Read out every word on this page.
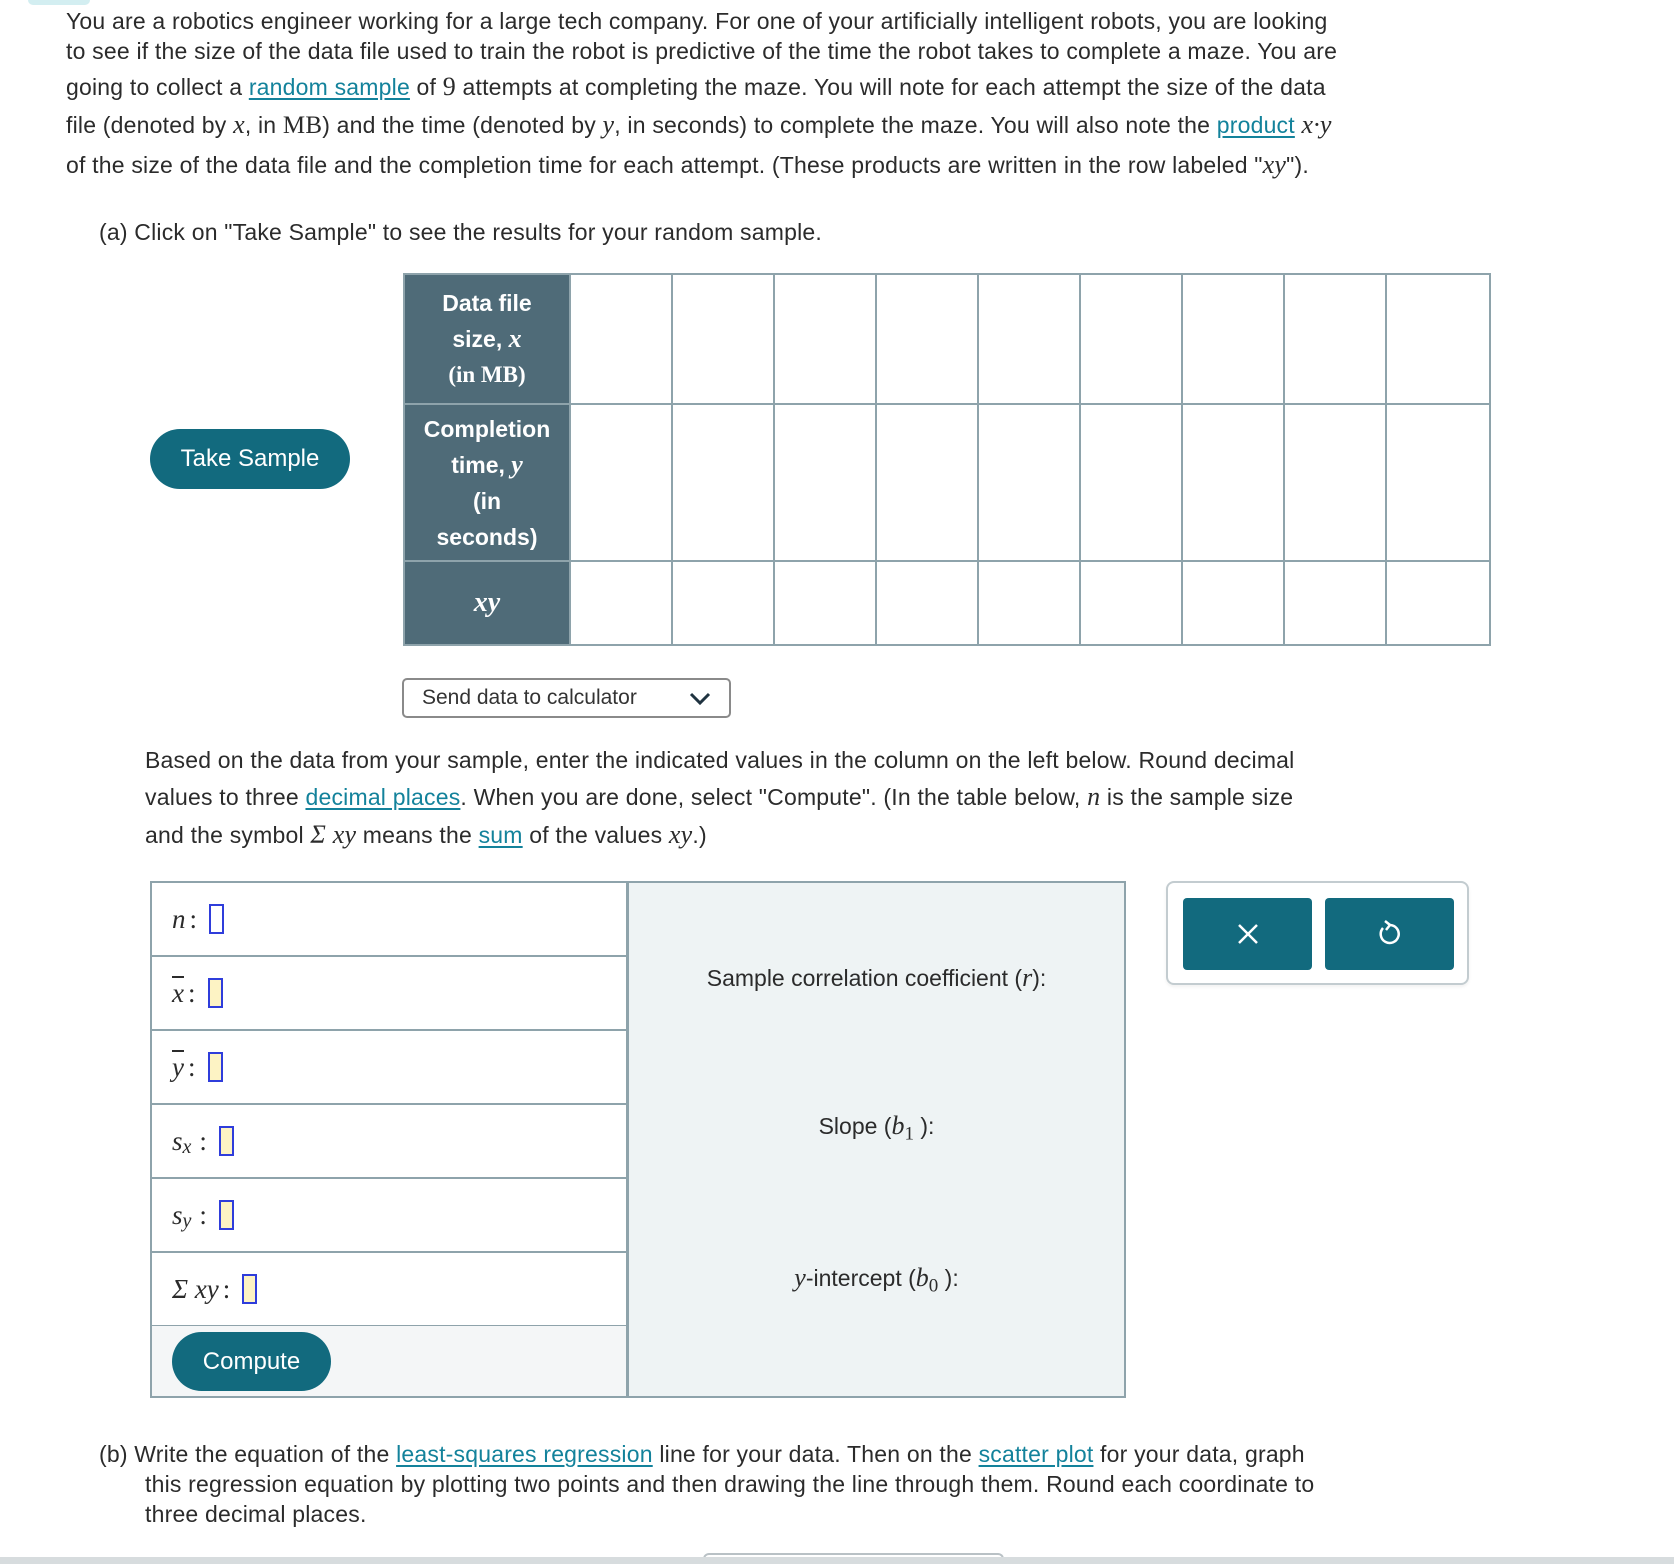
You are a robotics engineer working for a large tech company. For one of your artificially intelligent robots, you are looking
to see if the size of the data file used to train the robot is predictive of the time the robot takes to complete a maze. You are
going to collect a random sample of 9 attempts at completing the maze. You will note for each attempt the size of the data
file (denoted by x, in MB) and the time (denoted by y, in seconds) to complete the maze. You will also note the product x·y
of the size of the data file and the completion time for each attempt. (These products are written in the row labeled "xy").
(a) Click on "Take Sample" to see the results for your random sample.
Take Sample
Data file
size, x
(in MB)									

Completion
time, y
(in
seconds)									

xy									
Send data to calculator
Based on the data from your sample, enter the indicated values in the column on the left below. Round decimal
values to three decimal places. When you are done, select "Compute". (In the table below, n is the sample size
and the symbol Σ xy means the sum of the values xy.)
n :
$\overline{x}$ :
$\overline{y}$ :
$s_x$ :
$s_y$ :
Σ xy :
Compute
Sample correlation coefficient (r):
Slope ($b_1$ ):
y-intercept ($b_0$ ):
(b) Write the equation of the least-squares regression line for your data. Then on the scatter plot for your data, graph
this regression equation by plotting two points and then drawing the line through them. Round each coordinate to
three decimal places.
